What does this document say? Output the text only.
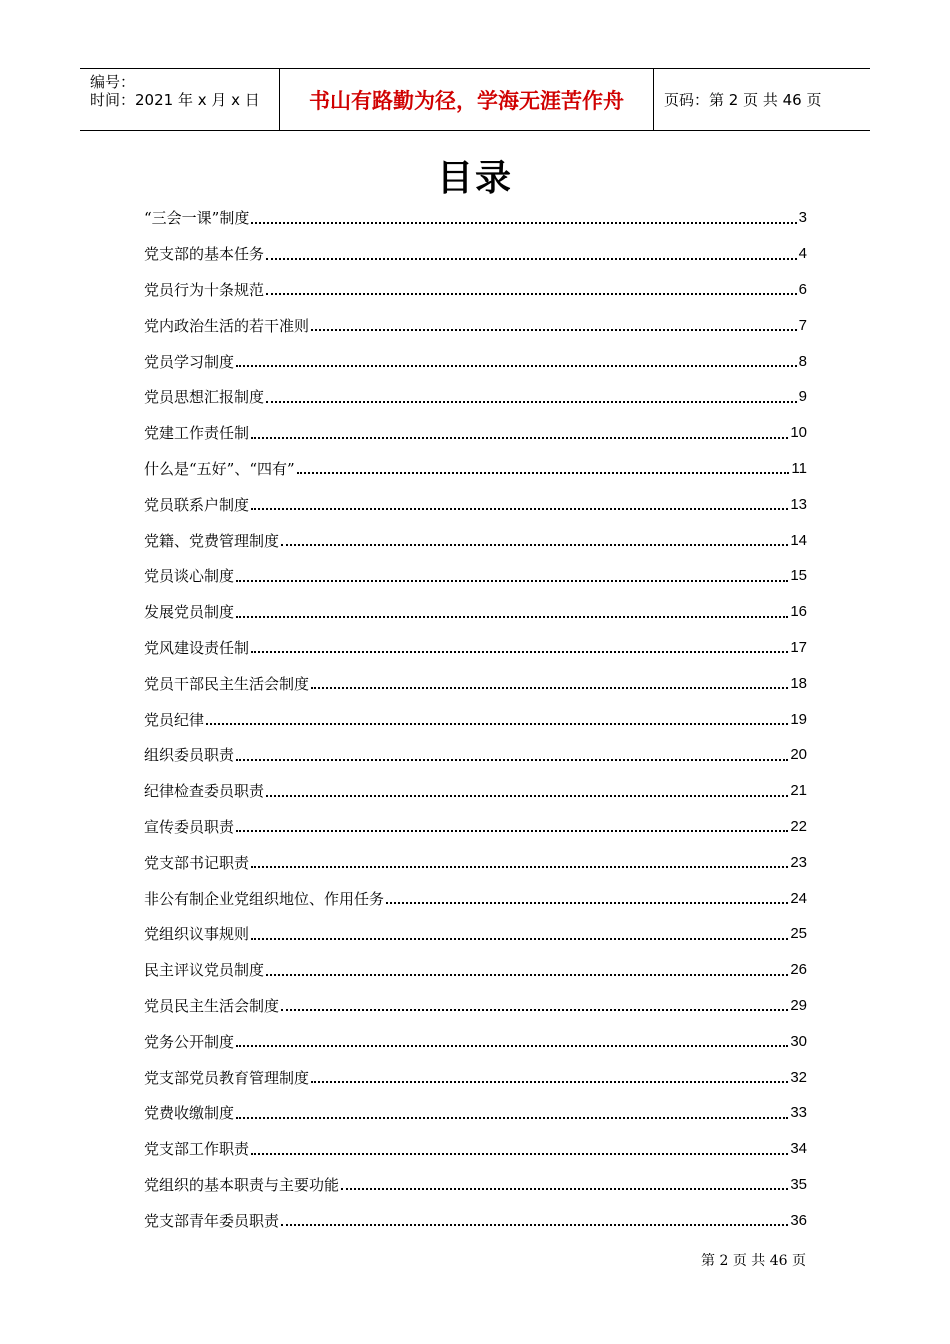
编号：
时间：2021 年 x 月 x 日	书山有路勤为径，学海无涯苦作舟	页码：第 2 页 共 46 页
目录
“三会一课”制度	3
党支部的基本任务	4
党员行为十条规范	6
党内政治生活的若干准则	7
党员学习制度	8
党员思想汇报制度	9
党建工作责任制	10
什么是“五好”、“四有”	11
党员联系户制度	13
党籍、党费管理制度	14
党员谈心制度	15
发展党员制度	16
党风建设责任制	17
党员干部民主生活会制度	18
党员纪律	19
组织委员职责	20
纪律检查委员职责	21
宣传委员职责	22
党支部书记职责	23
非公有制企业党组织地位、作用任务	24
党组织议事规则	25
民主评议党员制度	26
党员民主生活会制度	29
党务公开制度	30
党支部党员教育管理制度	32
党费收缴制度	33
党支部工作职责	34
党组织的基本职责与主要功能	35
党支部青年委员职责	36
第 2 页 共 46 页
